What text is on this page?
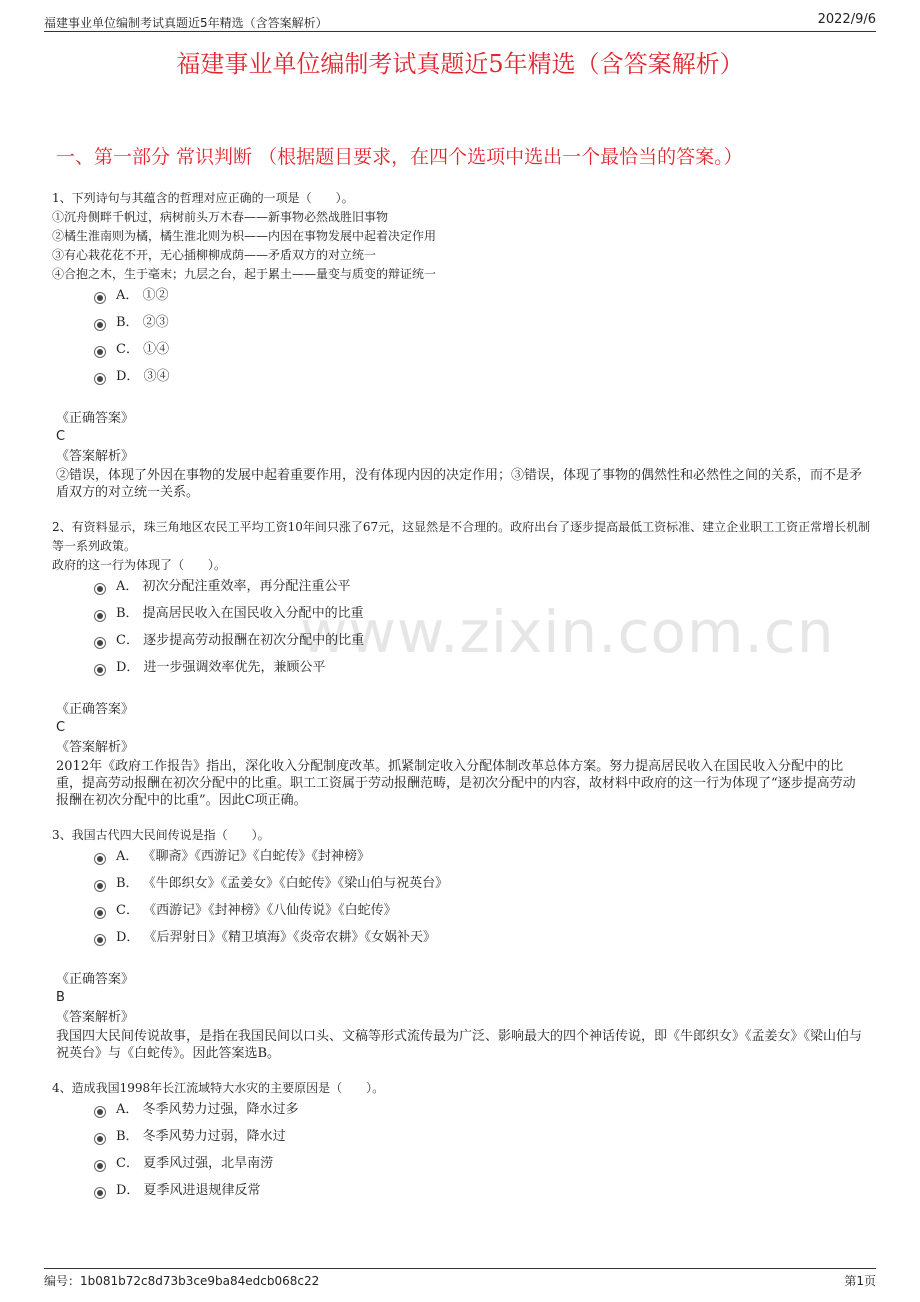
福建事业单位编制考试真题近5年精选（含答案解析）	2022/9/6
福建事业单位编制考试真题近5年精选（含答案解析）
一、第一部分 常识判断 （根据题目要求，在四个选项中选出一个最恰当的答案。）
www.zixin.com.cn
1、下列诗句与其蕴含的哲理对应正确的一项是（　　）。
①沉舟侧畔千帆过，病树前头万木春——新事物必然战胜旧事物
②橘生淮南则为橘，橘生淮北则为枳——内因在事物发展中起着决定作用
③有心栽花花不开，无心插柳柳成荫——矛盾双方的对立统一
④合抱之木，生于毫末；九层之台，起于累土——量变与质变的辩证统一
A． ①②
B． ②③
C． ①④
D． ③④
《正确答案》
C
《答案解析》
②错误，体现了外因在事物的发展中起着重要作用，没有体现内因的决定作用；③错误，体现了事物的偶然性和必然性之间的关系，而不是矛盾双方的对立统一关系。
2、有资料显示，珠三角地区农民工平均工资10年间只涨了67元，这显然是不合理的。政府出台了逐步提高最低工资标准、建立企业职工工资正常增长机制等一系列政策。
政府的这一行为体现了（　　）。
A． 初次分配注重效率，再分配注重公平
B． 提高居民收入在国民收入分配中的比重
C． 逐步提高劳动报酬在初次分配中的比重
D． 进一步强调效率优先，兼顾公平
《正确答案》
C
《答案解析》
2012年《政府工作报告》指出，深化收入分配制度改革。抓紧制定收入分配体制改革总体方案。努力提高居民收入在国民收入分配中的比重，提高劳动报酬在初次分配中的比重。职工工资属于劳动报酬范畴，是初次分配中的内容，故材料中政府的这一行为体现了“逐步提高劳动报酬在初次分配中的比重”。因此C项正确。
3、我国古代四大民间传说是指（　　）。
A． 《聊斋》《西游记》《白蛇传》《封神榜》
B． 《牛郎织女》《孟姜女》《白蛇传》《梁山伯与祝英台》
C． 《西游记》《封神榜》《八仙传说》《白蛇传》
D． 《后羿射日》《精卫填海》《炎帝农耕》《女娲补天》
《正确答案》
B
《答案解析》
我国四大民间传说故事，是指在我国民间以口头、文稿等形式流传最为广泛、影响最大的四个神话传说，即《牛郎织女》《孟姜女》《梁山伯与祝英台》与《白蛇传》。因此答案选B。
4、造成我国1998年长江流域特大水灾的主要原因是（　　）。
A． 冬季风势力过强，降水过多
B． 冬季风势力过弱，降水过
C． 夏季风过强，北旱南涝
D． 夏季风进退规律反常
编号：1b081b72c8d73b3ce9ba84edcb068c22	第1页
